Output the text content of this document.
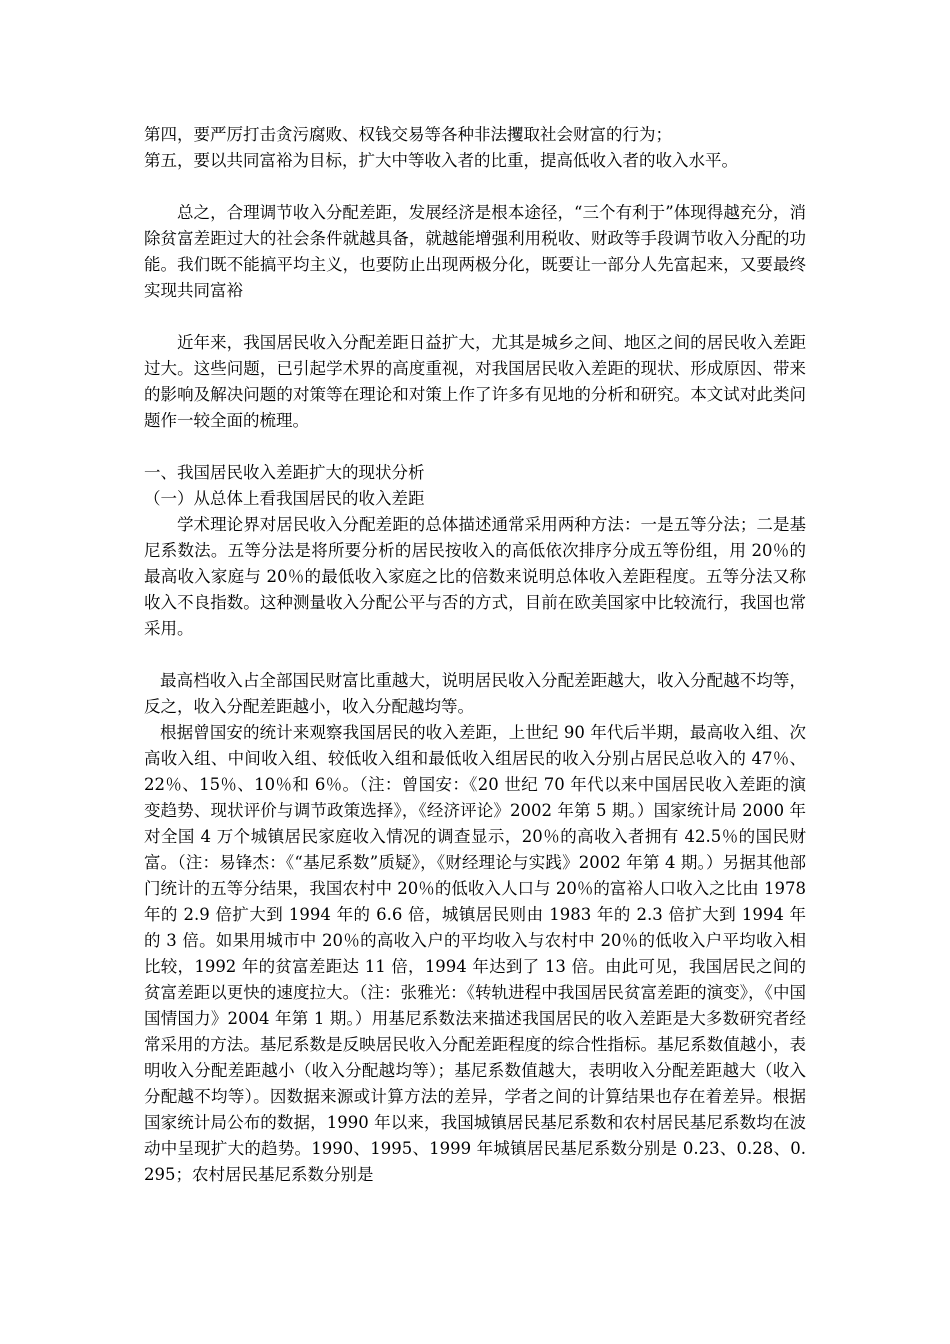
第四，要严厉打击贪污腐败、权钱交易等各种非法攫取社会财富的行为；

第五，要以共同富裕为目标，扩大中等收入者的比重，提高低收入者的收入水平。

总之，合理调节收入分配差距，发展经济是根本途径，“三个有利于”体现得越充分，消除贫富差距过大的社会条件就越具备，就越能增强利用税收、财政等手段调节收入分配的功能。我们既不能搞平均主义，也要防止出现两极分化，既要让一部分人先富起来，又要最终实现共同富裕

近年来，我国居民收入分配差距日益扩大，尤其是城乡之间、地区之间的居民收入差距过大。这些问题，已引起学术界的高度重视，对我国居民收入差距的现状、形成原因、带来的影响及解决问题的对策等在理论和对策上作了许多有见地的分析和研究。本文试对此类问题作一较全面的梳理。

一、我国居民收入差距扩大的现状分析

（一）从总体上看我国居民的收入差距

学术理论界对居民收入分配差距的总体描述通常采用两种方法：一是五等分法；二是基尼系数法。五等分法是将所要分析的居民按收入的高低依次排序分成五等份组，用 20％的最高收入家庭与 20％的最低收入家庭之比的倍数来说明总体收入差距程度。五等分法又称收入不良指数。这种测量收入分配公平与否的方式，目前在欧美国家中比较流行，我国也常采用。

最高档收入占全部国民财富比重越大，说明居民收入分配差距越大，收入分配越不均等，反之，收入分配差距越小，收入分配越均等。

根据曾国安的统计来观察我国居民的收入差距，上世纪 90 年代后半期，最高收入组、次高收入组、中间收入组、较低收入组和最低收入组居民的收入分别占居民总收入的 47％、22％、15％、10％和 6％。（注：曾国安：《20 世纪 70 年代以来中国居民收入差距的演变趋势、现状评价与调节政策选择》，《经济评论》2002 年第 5 期。）国家统计局 2000 年对全国 4 万个城镇居民家庭收入情况的调查显示，20％的高收入者拥有 42.5％的国民财富。（注：易锋杰：《“基尼系数”质疑》，《财经理论与实践》2002 年第 4 期。）另据其他部门统计的五等分结果，我国农村中 20％的低收入人口与 20％的富裕人口收入之比由 1978 年的 2.9 倍扩大到 1994 年的 6.6 倍，城镇居民则由 1983 年的 2.3 倍扩大到 1994 年的 3 倍。如果用城市中 20％的高收入户的平均收入与农村中 20％的低收入户平均收入相比较，1992 年的贫富差距达 11 倍，1994 年达到了 13 倍。由此可见，我国居民之间的贫富差距以更快的速度拉大。（注：张雅光：《转轨进程中我国居民贫富差距的演变》，《中国国情国力》2004 年第 1 期。）用基尼系数法来描述我国居民的收入差距是大多数研究者经常采用的方法。基尼系数是反映居民收入分配差距程度的综合性指标。基尼系数值越小，表明收入分配差距越小（收入分配越均等）；基尼系数值越大，表明收入分配差距越大（收入分配越不均等）。因数据来源或计算方法的差异，学者之间的计算结果也存在着差异。根据国家统计局公布的数据，1990 年以来，我国城镇居民基尼系数和农村居民基尼系数均在波动中呈现扩大的趋势。1990、1995、1999 年城镇居民基尼系数分别是 0.23、0.28、0.295；农村居民基尼系数分别是
